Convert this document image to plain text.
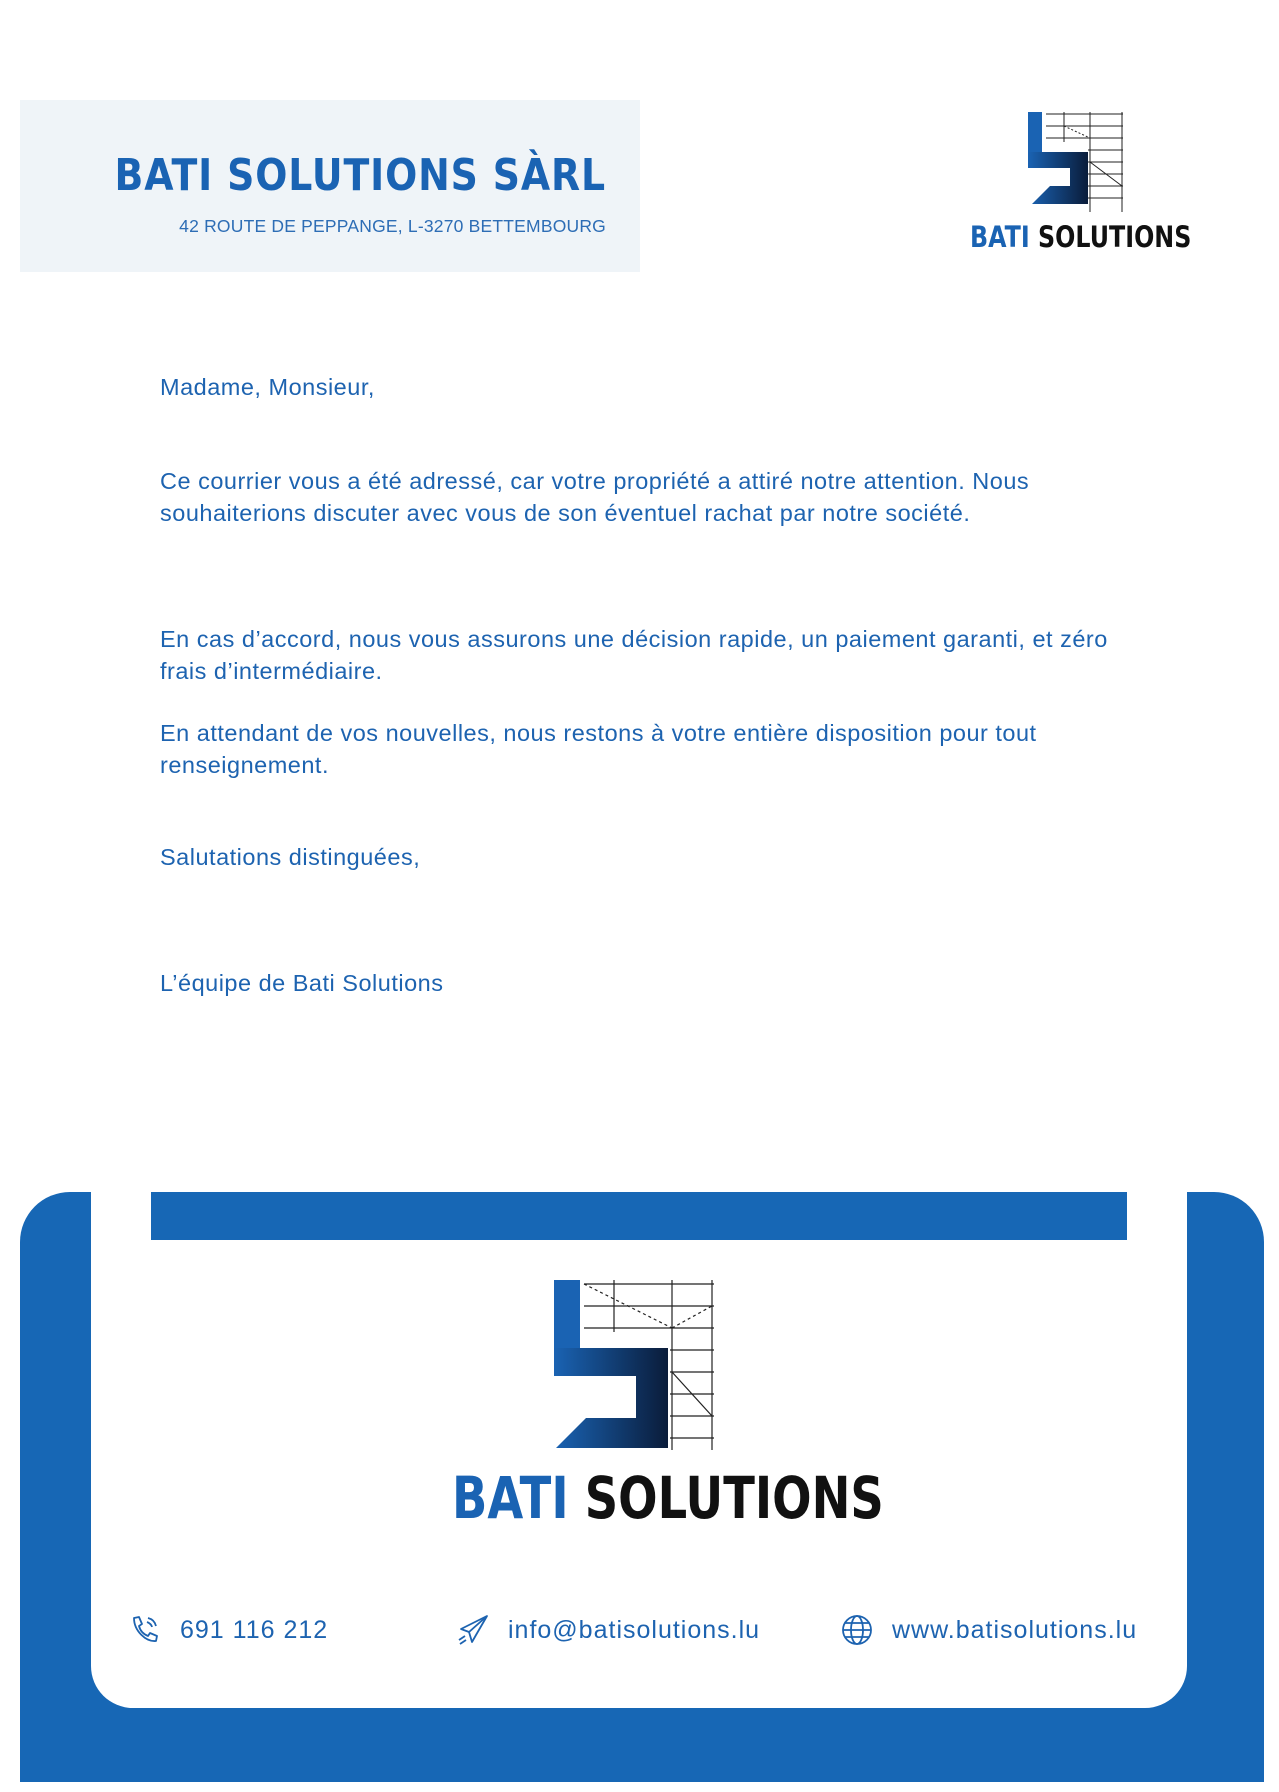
BATI SOLUTIONS SÀRL
42 ROUTE DE PEPPANGE, L-3270 BETTEMBOURG	BATI SOLUTIONS

Madame, Monsieur,

Ce courrier vous a été adressé, car votre propriété a attiré notre attention. Nous souhaiterions discuter avec vous de son éventuel rachat par notre société.

En cas d’accord, nous vous assurons une décision rapide, un paiement garanti, et zéro frais d’intermédiaire.

En attendant de vos nouvelles, nous restons à votre entière disposition pour tout renseignement.

Salutations distinguées,

L’équipe de Bati Solutions

BATI SOLUTIONS
691 116 212	info@batisolutions.lu	www.batisolutions.lu
